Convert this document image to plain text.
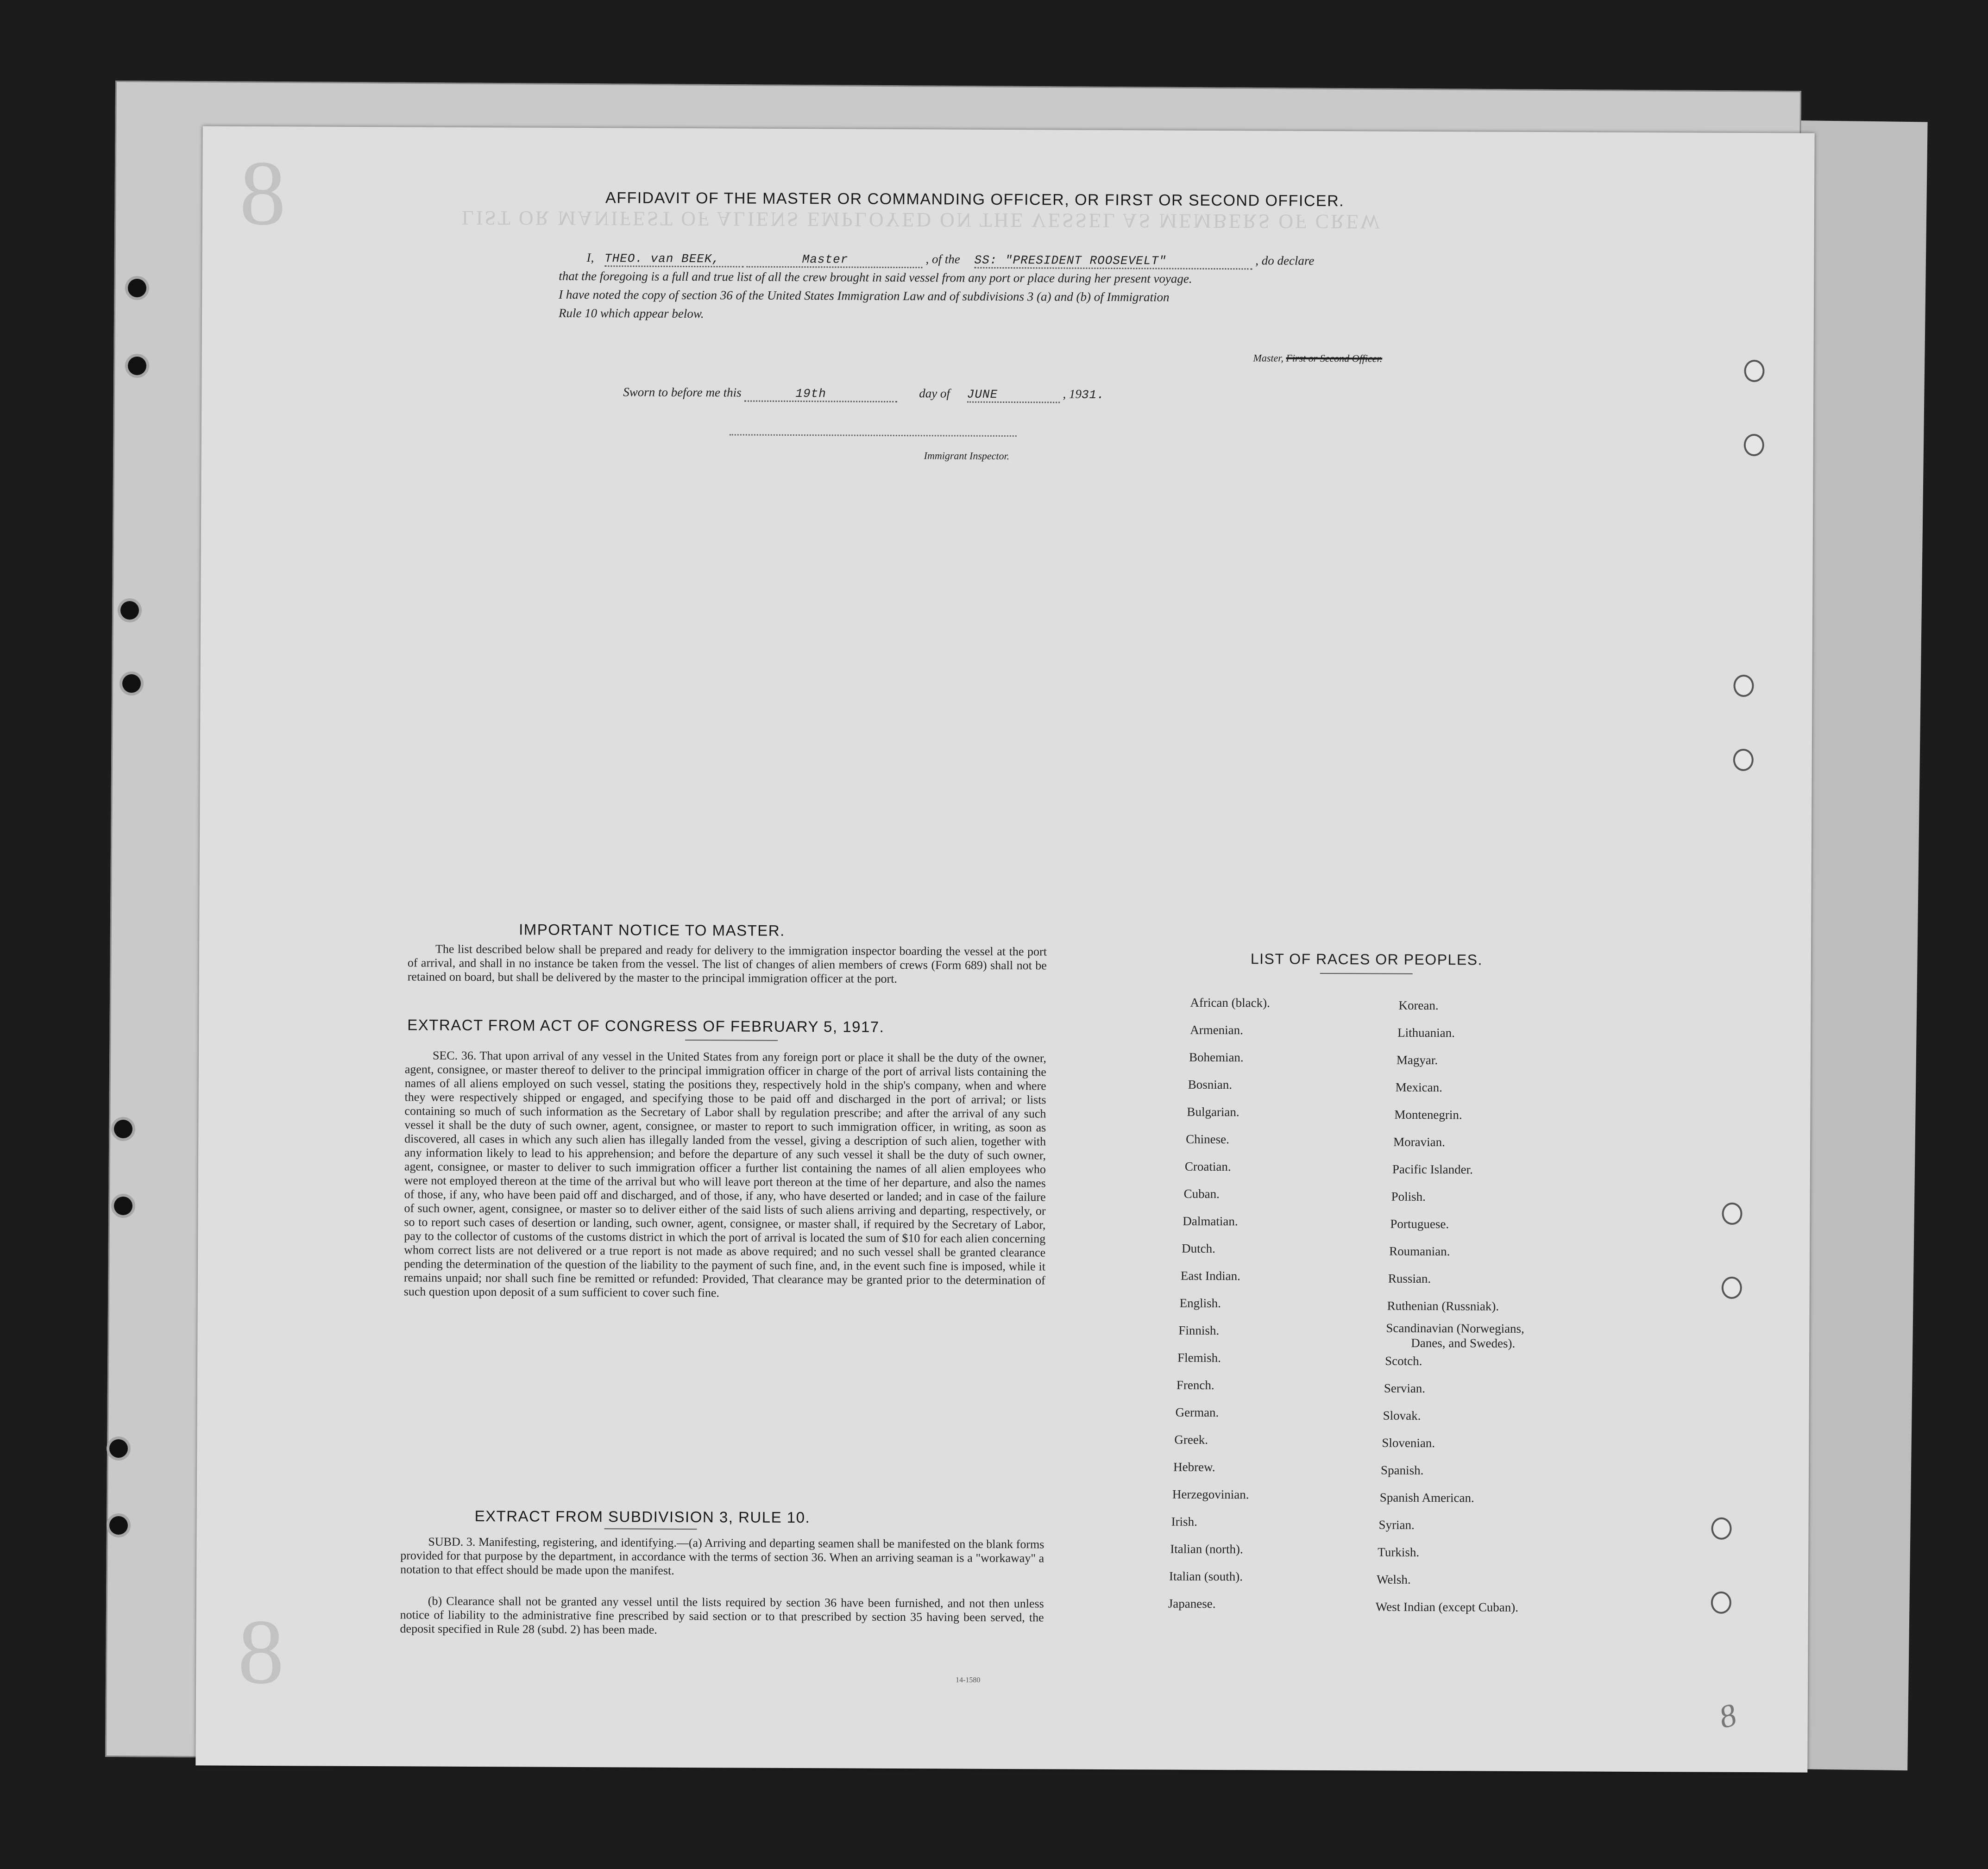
8
8
LIST OR MANIFEST OF ALIENS EMPLOYED ON THE VESSEL AS MEMBERS OF CREW
AFFIDAVIT OF THE MASTER OR COMMANDING OFFICER, OR FIRST OR SECOND OFFICER.
I, THEO. van BEEK,	Master	, of the SS: "PRESIDENT ROOSEVELT"	, do declare
that the foregoing is a full and true list of all the crew brought in said vessel from any port or place during her present voyage.
I have noted the copy of section 36 of the United States Immigration Law and of subdivisions 3 (a) and (b) of Immigration
Rule 10 which appear below.
Master, First or Second Officer.
Sworn to before me this	19th	day of JUNE	, 1931.
Immigrant Inspector.
IMPORTANT NOTICE TO MASTER.
The list described below shall be prepared and ready for delivery to the immigration inspector boarding the vessel at the port of arrival, and shall in no instance be taken from the vessel. The list of changes of alien members of crews (Form 689) shall not be retained on board, but shall be delivered by the master to the principal immigration officer at the port.
EXTRACT FROM ACT OF CONGRESS OF FEBRUARY 5, 1917.
SEC. 36. That upon arrival of any vessel in the United States from any foreign port or place it shall be the duty of the owner, agent, consignee, or master thereof to deliver to the principal immigration officer in charge of the port of arrival lists containing the names of all aliens employed on such vessel, stating the positions they, respectively hold in the ship's company, when and where they were respectively shipped or engaged, and specifying those to be paid off and discharged in the port of arrival; or lists containing so much of such information as the Secretary of Labor shall by regulation prescribe; and after the arrival of any such vessel it shall be the duty of such owner, agent, consignee, or master to report to such immigration officer, in writing, as soon as discovered, all cases in which any such alien has illegally landed from the vessel, giving a description of such alien, together with any information likely to lead to his apprehension; and before the departure of any such vessel it shall be the duty of such owner, agent, consignee, or master to deliver to such immigration officer a further list containing the names of all alien employees who were not employed thereon at the time of the arrival but who will leave port thereon at the time of her departure, and also the names of those, if any, who have been paid off and discharged, and of those, if any, who have deserted or landed; and in case of the failure of such owner, agent, consignee, or master so to deliver either of the said lists of such aliens arriving and departing, respectively, or so to report such cases of desertion or landing, such owner, agent, consignee, or master shall, if required by the Secretary of Labor, pay to the collector of customs of the customs district in which the port of arrival is located the sum of $10 for each alien concerning whom correct lists are not delivered or a true report is not made as above required; and no such vessel shall be granted clearance pending the determination of the question of the liability to the payment of such fine, and, in the event such fine is imposed, while it remains unpaid; nor shall such fine be remitted or refunded: Provided, That clearance may be granted prior to the determination of such question upon deposit of a sum sufficient to cover such fine.
EXTRACT FROM SUBDIVISION 3, RULE 10.
SUBD. 3. Manifesting, registering, and identifying.—(a) Arriving and departing seamen shall be manifested on the blank forms provided for that purpose by the department, in accordance with the terms of section 36. When an arriving seaman is a "workaway" a notation to that effect should be made upon the manifest.
(b) Clearance shall not be granted any vessel until the lists required by section 36 have been furnished, and not then unless notice of liability to the administrative fine prescribed by said section or to that prescribed by section 35 having been served, the deposit specified in Rule 28 (subd. 2) has been made.
14-1580
LIST OF RACES OR PEOPLES.
African (black).
Armenian.
Bohemian.
Bosnian.
Bulgarian.
Chinese.
Croatian.
Cuban.
Dalmatian.
Dutch.
East Indian.
English.
Finnish.
Flemish.
French.
German.
Greek.
Hebrew.
Herzegovinian.
Irish.
Italian (north).
Italian (south).
Japanese.
Korean.
Lithuanian.
Magyar.
Mexican.
Montenegrin.
Moravian.
Pacific Islander.
Polish.
Portuguese.
Roumanian.
Russian.
Ruthenian (Russniak).
Scandinavian (Norwegians,
Danes, and Swedes).
Scotch.
Servian.
Slovak.
Slovenian.
Spanish.
Spanish American.
Syrian.
Turkish.
Welsh.
West Indian (except Cuban).
8
